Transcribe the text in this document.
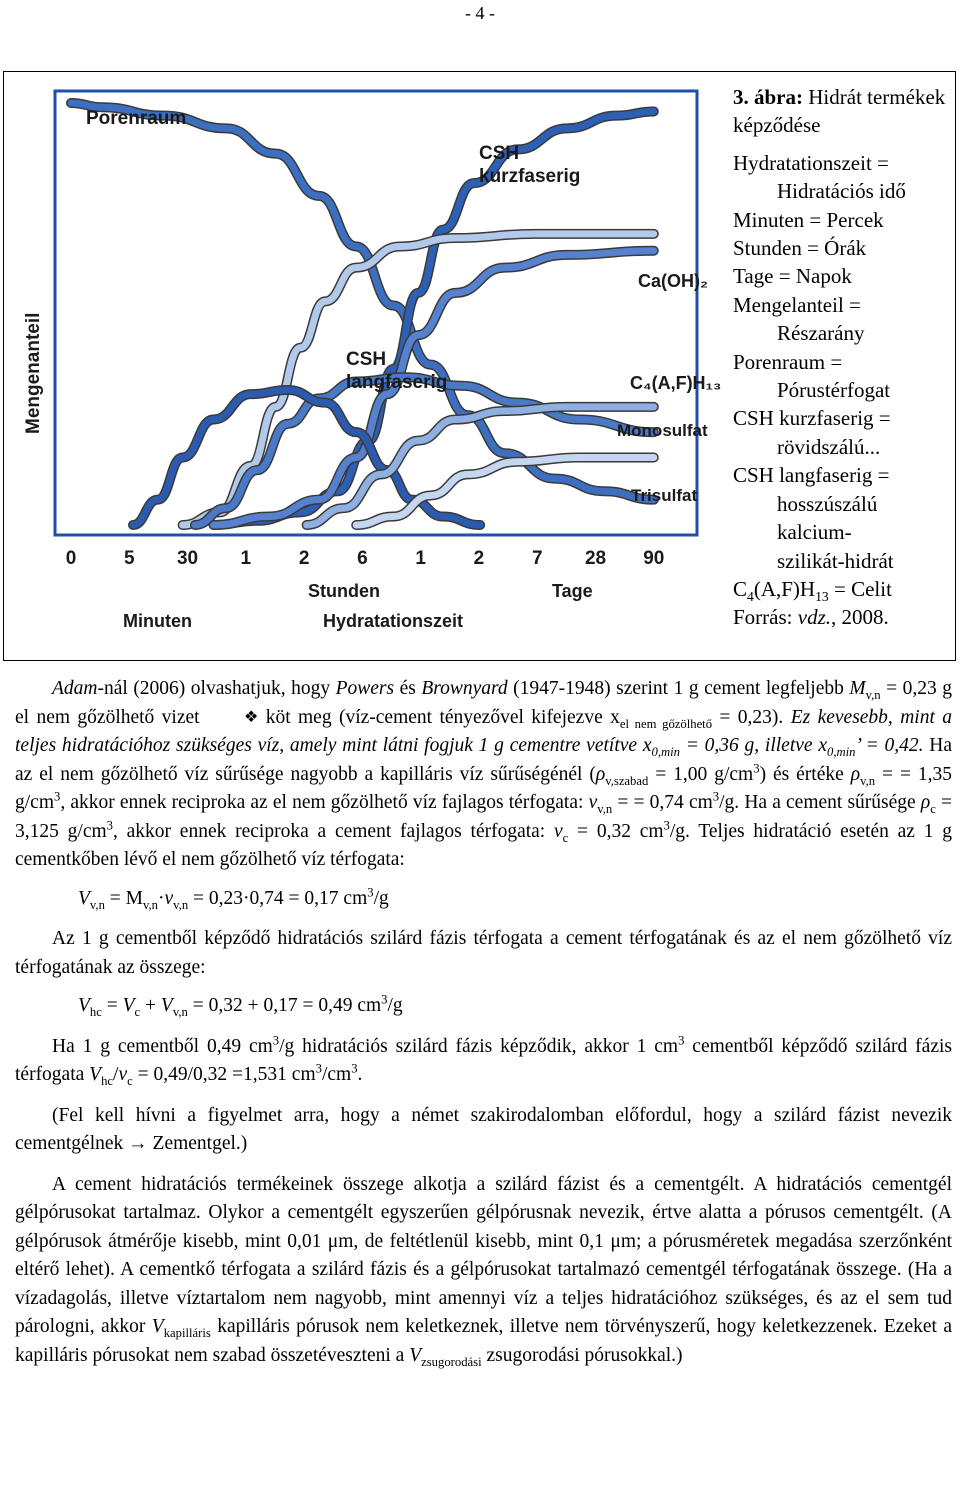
- 4 -
0	5 30 1	2	6	1	2	7 28 90
Porenraum
CSH
kurzfaserig
Ca(OH)₂
CSH
langfaserig	C₄(A,F)H₁₃
Monosulfat
Trisulfat
Mengenanteil
Minuten
Stunden
Hydratationszeit
Tage
3. ábra: Hidrát termékek képződése
Hydratationszeit =
Hidratációs idő
Minuten = Percek
Stunden = Órák
Tage = Napok
Mengelanteil =
Részarány
Porenraum =
Pórustérfogat
CSH kurzfaserig =
rövidszálú...
CSH langfaserig =
hosszúszálú
kalcium-
szilikát-hidrát
$C_4(A,F)H_{13}$ = Celit
Forrás: vdz., 2008.

Adam-nál (2006) olvashatjuk, hogy Powers és Brownyard (1947-1948) szerint 1 g cement legfeljebb $M_{v,n} = 0,23$ g el nem gőzölhető vizet ❖ köt meg (víz-cement tényezővel kifejezve $x_{el nem gőzölhető} = 0,23$). Ez kevesebb, mint a teljes hidratációhoz szükséges víz, amely mint látni fogjuk 1 g cementre vetítve $x_{0,min} = 0,36$ g, illetve $x_{0,min}$’ = 0,42. Ha az el nem gőzölhető víz sűrűsége nagyobb a kapilláris víz sűrűségénél ($\rho_{v,szabad} = 1,00$ $g/cm^3$) és értéke $\rho_{v,n}$ = = 1,35 $g/cm^3$, akkor ennek reciproka az el nem gőzölhető víz fajlagos térfogata: $v_{v,n}$ = = 0,74 $cm^3/g$. Ha a cement sűrűsége $\rho_c = 3,125$ $g/cm^3$, akkor ennek reciproka a cement fajlagos térfogata: $v_c = 0,32$ $cm^3/g$. Teljes hidratáció esetén az 1 g cementkőben lévő el nem gőzölhető víz térfogata:

$V_{v,n} = M_{v,n}\cdot v_{v,n} = 0,23\cdot 0,74 = 0,17$ $cm^3/g$

Az 1 g cementből képződő hidratációs szilárd fázis térfogata a cement térfogatának és az el nem gőzölhető víz térfogatának az összege:

$V_{hc} = V_c + V_{v,n} = 0,32 + 0,17 = 0,49$ $cm^3/g$

Ha 1 g cementből 0,49 $cm^3/g$ hidratációs szilárd fázis képződik, akkor 1 $cm^3$ cementből képződő szilárd fázis térfogata $V_{hc}/v_c = 0,49/0,32 =1,531$ $cm^3/cm^3$.

(Fel kell hívni a figyelmet arra, hogy a német szakirodalomban előfordul, hogy a szilárd fázist nevezik cementgélnek → Zementgel.)

A cement hidratációs termékeinek összege alkotja a szilárd fázist és a cementgélt. A hidratációs cementgél gélpórusokat tartalmaz. Olykor a cementgélt egyszerűen gélpórusnak nevezik, értve alatta a pórusos cementgélt. (A gélpórusok átmérője kisebb, mint 0,01 μm, de feltétlenül kisebb, mint 0,1 μm; a pórusméretek megadása szerzőnként eltérő lehet). A cementkő térfogata a szilárd fázis és a gélpórusokat tartalmazó cementgél térfogatának összege. (Ha a vízadagolás, illetve víztartalom nem nagyobb, mint amennyi víz a teljes hidratációhoz szükséges, és az el sem tud párologni, akkor $V_{kapilláris}$ kapilláris pórusok nem keletkeznek, illetve nem törvényszerű, hogy keletkezzenek. Ezeket a kapilláris pórusokat nem szabad összetéveszteni a $V_{zsugorodási}$ zsugorodási pórusokkal.)
